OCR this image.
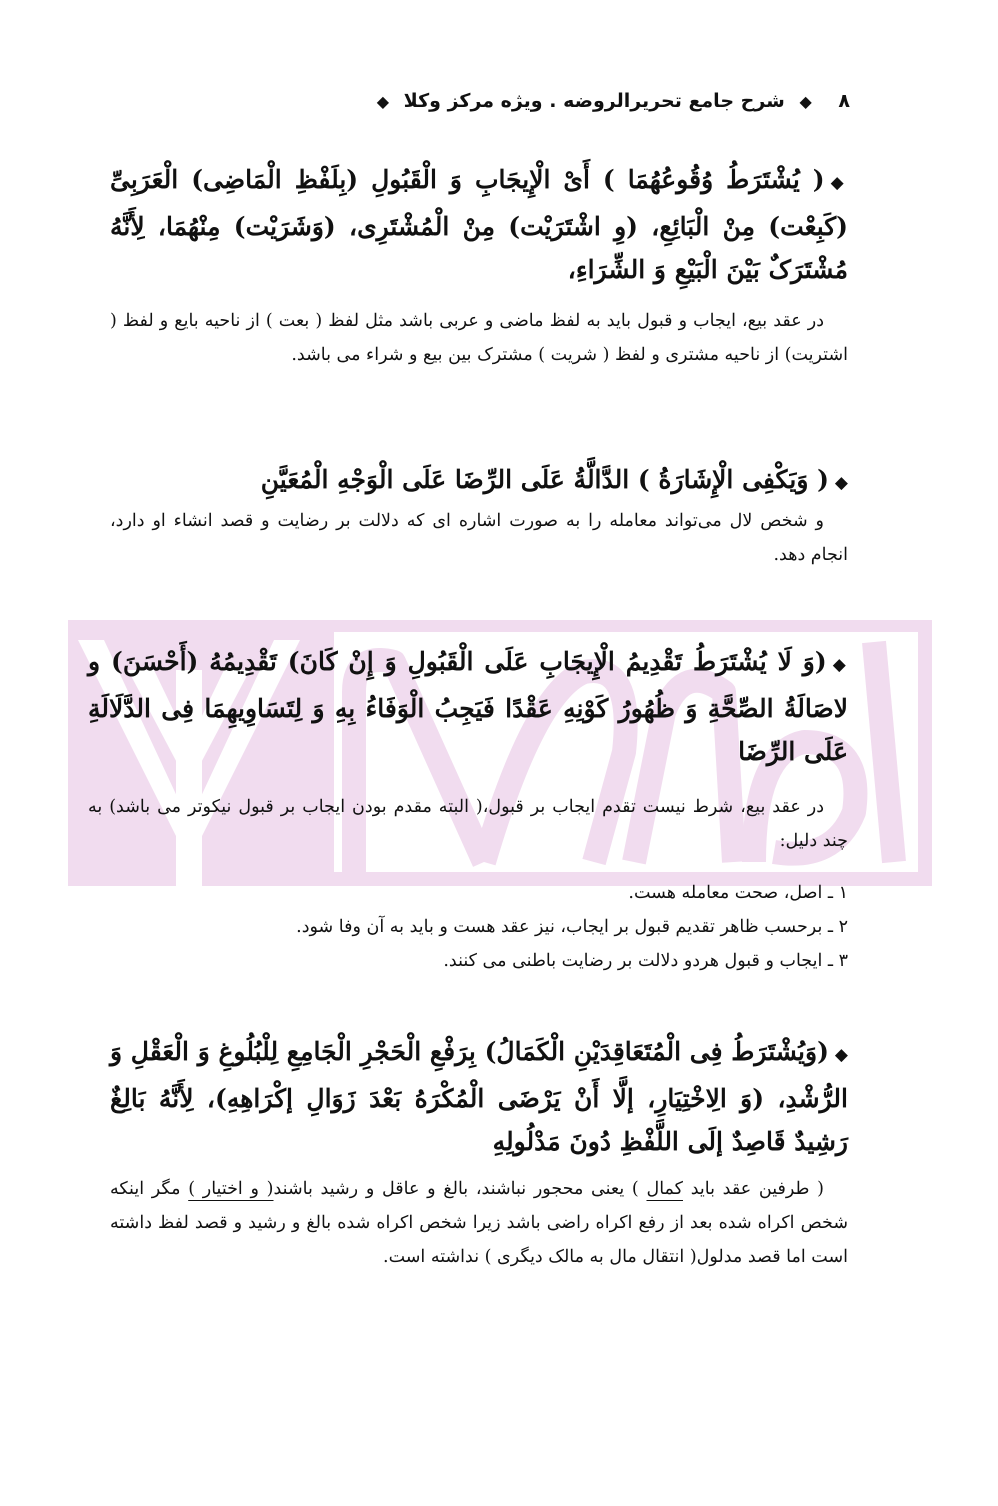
۸ ◆ شرح جامع تحریرالروضه . ویژه مرکز وکلا ◆
◆( یُشْتَرَطُ وُقُوعُهُمَا ) أَیْ الْإِیجَابِ وَ الْقَبُولِ (بِلَفْظِ الْمَاضِی) الْعَرَبِیِّ (کَبِعْت) مِنْ الْبَائِعِ، (وِ اشْتَرَیْت) مِنْ الْمُشْتَرِی، (وَشَرَیْت) مِنْهُمَا، لِأَنَّهُ مُشْتَرَکٌ بَیْنَ الْبَیْعِ وَ الشِّرَاءِ،
در عقد بیع، ایجاب و قبول باید به لفظ ماضی و عربی باشد مثل لفظ ( بعت ) از ناحیه بایع و لفظ ( اشتریت) از ناحیه مشتری و لفظ ( شریت ) مشترک بین بیع و شراء می باشد.
◆( وَیَکْفِی الْإِشَارَةُ ) الدَّالَّةُ عَلَى الرِّضَا عَلَى الْوَجْهِ الْمُعَیَّنِ
و شخص لال می‌تواند معامله را به صورت اشاره ای که دلالت بر رضایت و قصد انشاء او دارد، انجام دهد.
◆(وَ لَا یُشْتَرَطُ تَقْدِیمُ الْإِیجَابِ عَلَى الْقَبُولِ وَ إِنْ کَانَ) تَقْدِیمُهُ (أَحْسَنَ) و لاصَالَةُ الصِّحَّةِ وَ ظُهُورُ کَوْنِهِ عَقْدًا فَیَجِبُ الْوَفَاءُ بِهِ وَ لِتَسَاوِیهِمَا فِی الدَّلَالَةِ عَلَى الرِّضَا
در عقد بیع، شرط نیست تقدم ایجاب بر قبول،( البته مقدم بودن ایجاب بر قبول نیکوتر می باشد) به چند دلیل:
۱ ـ اصل، صحت معامله هست.
۲ ـ برحسب ظاهر تقدیم قبول بر ایجاب، نیز عقد هست و باید به آن وفا شود.
۳ ـ ایجاب و قبول هردو دلالت بر رضایت باطنی می کنند.
◆(وَیُشْتَرَطُ فِی الْمُتَعَاقِدَیْنِ الْکَمَالُ) بِرَفْعِ الْحَجْرِ الْجَامِعِ لِلْبُلُوغِ وَ الْعَقْلِ وَ الرُّشْدِ، (وَ الِاخْتِیَارِ، إلَّا أَنْ یَرْضَى الْمُکْرَهُ بَعْدَ زَوَالِ إکْرَاهِهِ)، لِأَنَّهُ بَالِغٌ رَشِیدٌ قَاصِدٌ إلَى اللَّفْظِ دُونَ مَدْلُولِهِ
( طرفین عقد باید کمال ) یعنی محجور نباشند، بالغ و عاقل و رشید باشند( و اختیار ) مگر اینکه شخص اکراه شده بعد از رفع اکراه راضی باشد زیرا شخص اکراه شده بالغ و رشید و قصد لفظ داشته است اما قصد مدلول( انتقال مال به مالک دیگری ) نداشته است.
